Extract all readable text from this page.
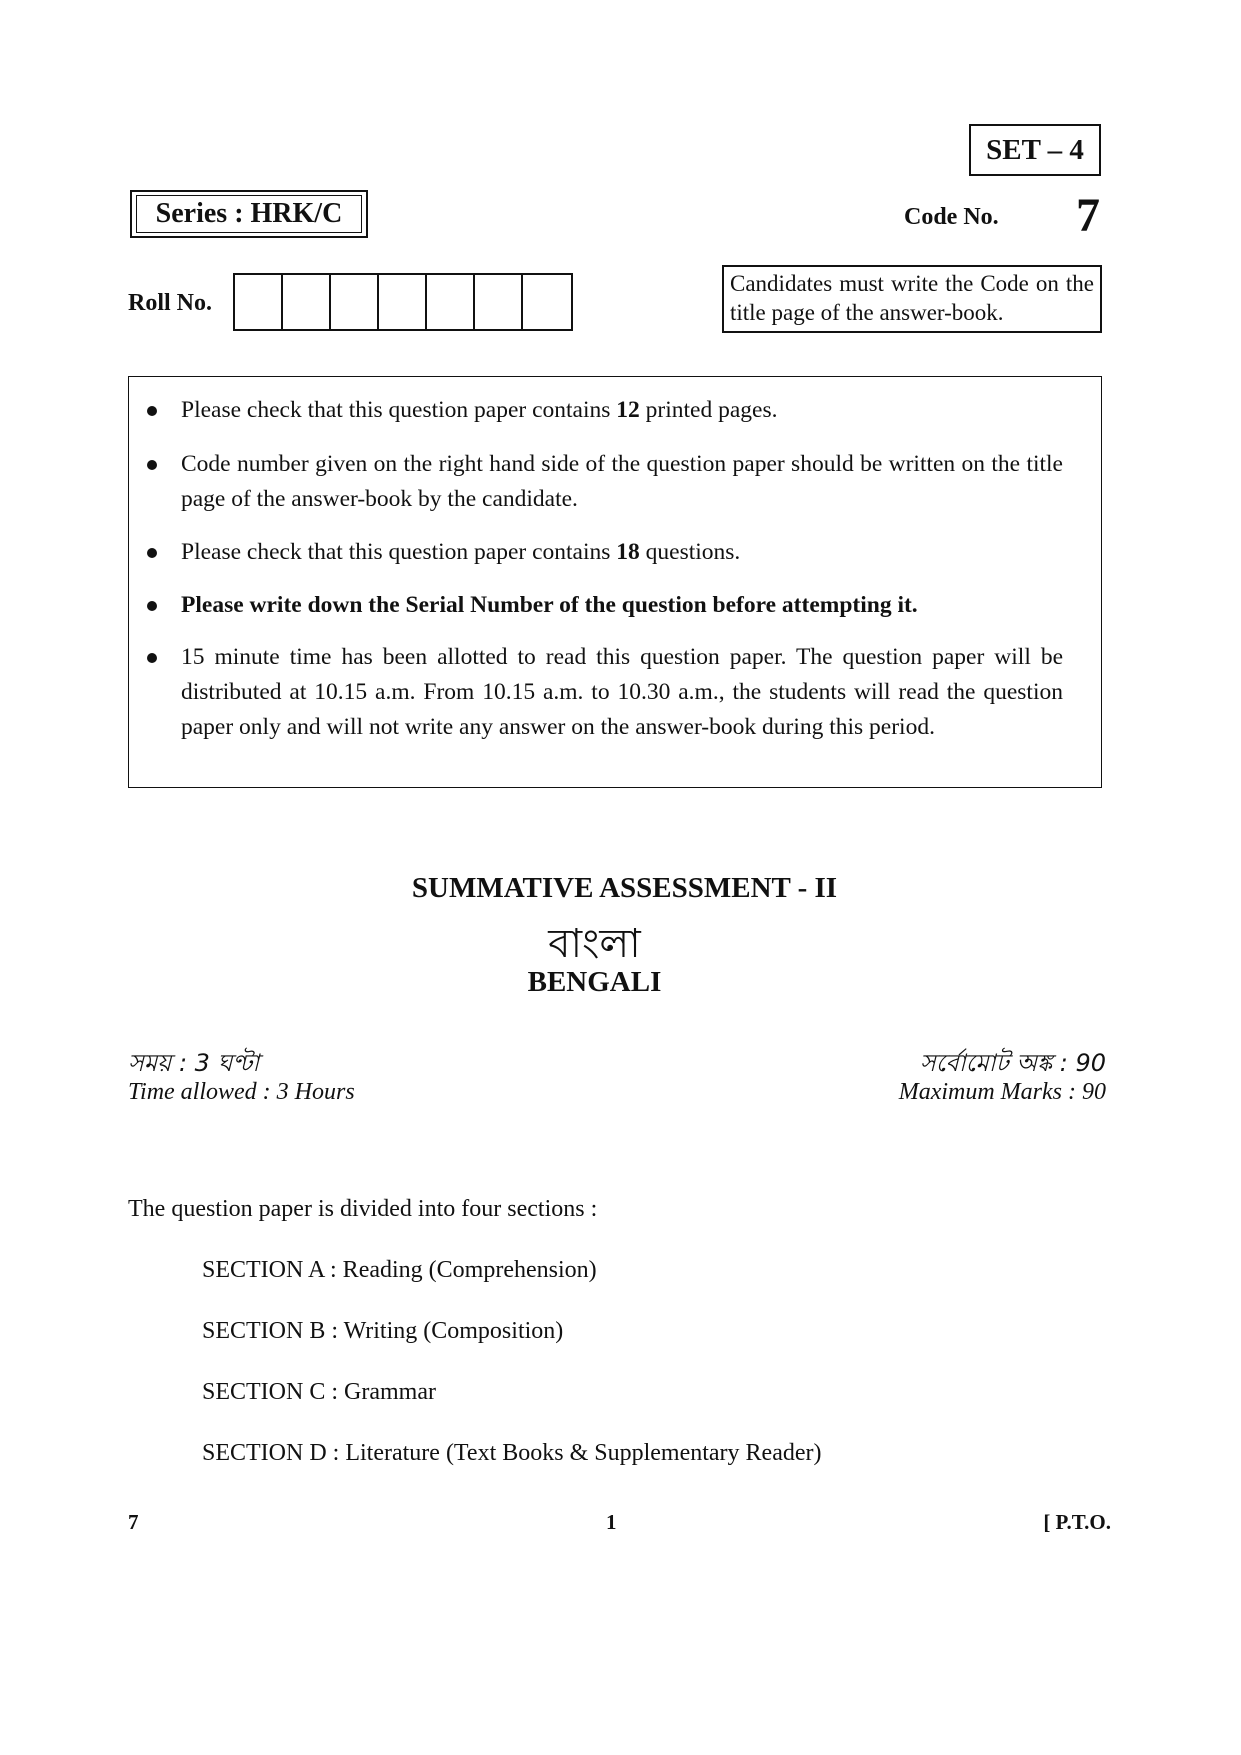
SET – 4
Series : HRK/C	Code No. 7
Roll No.
Candidates must write the Code on the title page of the answer-book.
Please check that this question paper contains 12 printed pages.
Code number given on the right hand side of the question paper should be written on the title page of the answer-book by the candidate.
Please check that this question paper contains 18 questions.
Please write down the Serial Number of the question before attempting it.
15 minute time has been allotted to read this question paper. The question paper will be distributed at 10.15 a.m. From 10.15 a.m. to 10.30 a.m., the students will read the question paper only and will not write any answer on the answer-book during this period.
SUMMATIVE ASSESSMENT - II
বাংলা
BENGALI
সময় : 3 ঘণ্টা
Time allowed : 3 Hours
সর্বোমোট অঙ্ক : 90
Maximum Marks : 90
The question paper is divided into four sections :
SECTION A : Reading (Comprehension)
SECTION B : Writing (Composition)
SECTION C : Grammar
SECTION D : Literature (Text Books & Supplementary Reader)
7	1	[ P.T.O.
